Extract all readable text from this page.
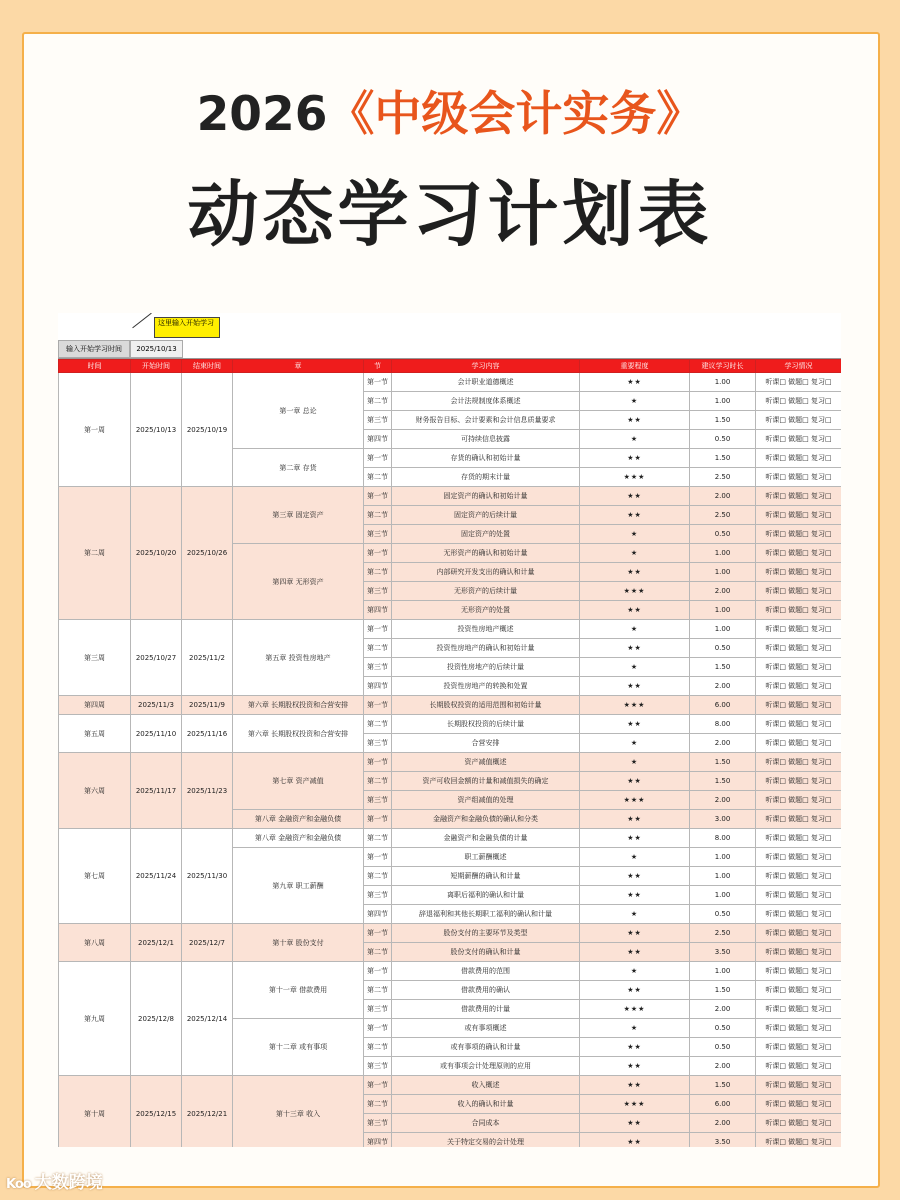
2026《中级会计实务》
动态学习计划表
这里输入开始学习
输入开始学习时间	2025/10/13
时间	开始时间	结束时间	章	节	学习内容	重要程度	建议学习时长	学习情况
第一周	2025/10/13	2025/10/19	第一章 总论	第一节	会计职业道德概述	★★	1.00	听课□ 做题□ 复习□
				第二节	会计法规制度体系概述	★	1.00	听课□ 做题□ 复习□
				第三节	财务报告目标、会计要素和会计信息质量要求	★★	1.50	听课□ 做题□ 复习□
				第四节	可持续信息披露	★	0.50	听课□ 做题□ 复习□
			第二章 存货	第一节	存货的确认和初始计量	★★	1.50	听课□ 做题□ 复习□
				第二节	存货的期末计量	★★★	2.50	听课□ 做题□ 复习□
第二周	2025/10/20	2025/10/26	第三章 固定资产	第一节	固定资产的确认和初始计量	★★	2.00	听课□ 做题□ 复习□
				第二节	固定资产的后续计量	★★	2.50	听课□ 做题□ 复习□
				第三节	固定资产的处置	★	0.50	听课□ 做题□ 复习□
			第四章 无形资产	第一节	无形资产的确认和初始计量	★	1.00	听课□ 做题□ 复习□
				第二节	内部研究开发支出的确认和计量	★★	1.00	听课□ 做题□ 复习□
				第三节	无形资产的后续计量	★★★	2.00	听课□ 做题□ 复习□
				第四节	无形资产的处置	★★	1.00	听课□ 做题□ 复习□
第三周	2025/10/27	2025/11/2	第五章 投资性房地产	第一节	投资性房地产概述	★	1.00	听课□ 做题□ 复习□
				第二节	投资性房地产的确认和初始计量	★★	0.50	听课□ 做题□ 复习□
				第三节	投资性房地产的后续计量	★	1.50	听课□ 做题□ 复习□
				第四节	投资性房地产的转换和处置	★★	2.00	听课□ 做题□ 复习□
第四周	2025/11/3	2025/11/9	第六章 长期股权投资和合营安排	第一节	长期股权投资的适用范围和初始计量	★★★	6.00	听课□ 做题□ 复习□
第五周	2025/11/10	2025/11/16	第六章 长期股权投资和合营安排	第二节	长期股权投资的后续计量	★★	8.00	听课□ 做题□ 复习□
				第三节	合营安排	★	2.00	听课□ 做题□ 复习□
第六周	2025/11/17	2025/11/23	第七章 资产减值	第一节	资产减值概述	★	1.50	听课□ 做题□ 复习□
				第二节	资产可收回金额的计量和减值损失的确定	★★	1.50	听课□ 做题□ 复习□
				第三节	资产组减值的处理	★★★	2.00	听课□ 做题□ 复习□
			第八章 金融资产和金融负债	第一节	金融资产和金融负债的确认和分类	★★	3.00	听课□ 做题□ 复习□
第七周	2025/11/24	2025/11/30	第八章 金融资产和金融负债	第二节	金融资产和金融负债的计量	★★	8.00	听课□ 做题□ 复习□
			第九章 职工薪酬	第一节	职工薪酬概述	★	1.00	听课□ 做题□ 复习□
				第二节	短期薪酬的确认和计量	★★	1.00	听课□ 做题□ 复习□
				第三节	离职后福利的确认和计量	★★	1.00	听课□ 做题□ 复习□
				第四节	辞退福利和其他长期职工福利的确认和计量	★	0.50	听课□ 做题□ 复习□
第八周	2025/12/1	2025/12/7	第十章 股份支付	第一节	股份支付的主要环节及类型	★★	2.50	听课□ 做题□ 复习□
				第二节	股份支付的确认和计量	★★	3.50	听课□ 做题□ 复习□
第九周	2025/12/8	2025/12/14	第十一章 借款费用	第一节	借款费用的范围	★	1.00	听课□ 做题□ 复习□
				第二节	借款费用的确认	★★	1.50	听课□ 做题□ 复习□
				第三节	借款费用的计量	★★★	2.00	听课□ 做题□ 复习□
			第十二章 或有事项	第一节	或有事项概述	★	0.50	听课□ 做题□ 复习□
				第二节	或有事项的确认和计量	★★	0.50	听课□ 做题□ 复习□
				第三节	或有事项会计处理原则的应用	★★	2.00	听课□ 做题□ 复习□
第十周	2025/12/15	2025/12/21	第十三章 收入	第一节	收入概述	★★	1.50	听课□ 做题□ 复习□
				第二节	收入的确认和计量	★★★	6.00	听课□ 做题□ 复习□
				第三节	合同成本	★★	2.00	听课□ 做题□ 复习□
				第四节	关于特定交易的会计处理	★★	3.50	听课□ 做题□ 复习□
Koo 大数跨境
